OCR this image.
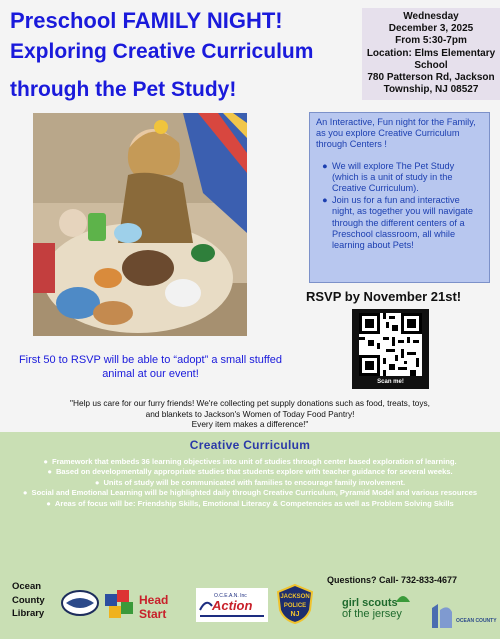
Preschool FAMILY NIGHT!
Exploring Creative Curriculum
through the Pet Study!
Wednesday
December 3, 2025
From 5:30-7pm
Location: Elms Elementary
School
780 Patterson Rd, Jackson
Township, NJ 08527
An Interactive, Fun night for the Family, as you explore Creative Curriculum through Centers !
● We will explore The Pet Study (which is a unit of study in the Creative Curriculum).
● Join us for a fun and interactive night, as together you will navigate through the different centers of a Preschool classroom, all while learning about Pets!
RSVP by November 21st!
Scan me!
First 50 to RSVP will be able to “adopt” a small stuffed animal at our event!
"Help us care for our furry friends! We're collecting pet supply donations such as food, treats, toys,
and blankets to Jackson's Women of Today Food Pantry!
Every item makes a difference!"
Creative Curriculum
● Framework that embeds 36 learning objectives into unit of studies through center based exploration of learning.
● Based on developmentally appropriate studies that students explore with teacher guidance for several weeks.
● Units of study will be communicated with families to encourage family involvement.
● Social and Emotional Learning will be highlighted daily through Creative Curriculum, Pyramid Model and various resources
● Areas of focus will be: Friendship Skills, Emotional Literacy & Competencies as well as Problem Solving Skills
Ocean
County
Library
Head
Start
O.C.E.A.N. Inc
Action
JACKSON
POLICE
NJ
Questions? Call- 732-833-4677
girl scouts
of the jersey
OCEAN COUNTY
